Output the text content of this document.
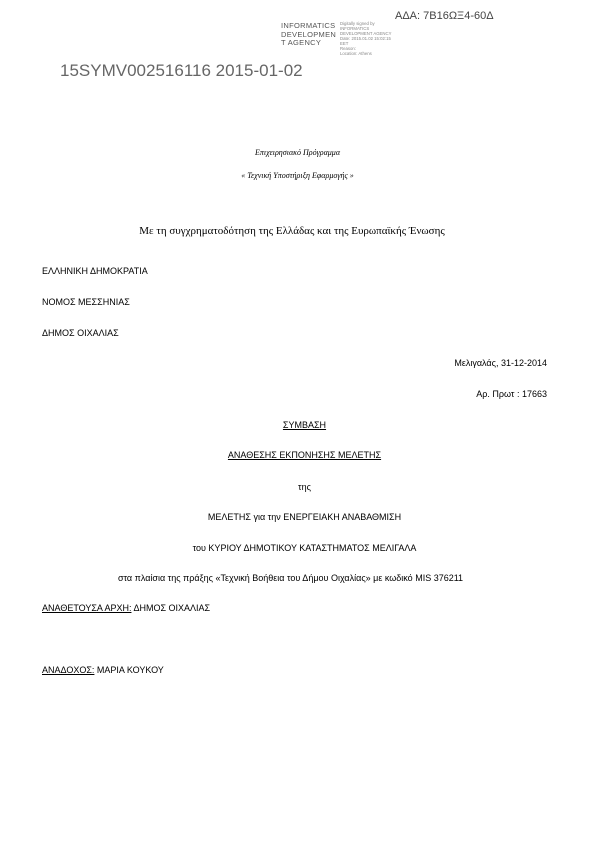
ΑΔΑ: 7Β16ΩΞ4-60Δ
INFORMATICS
DEVELOPMEN
T AGENCY
Digitally signed by
INFORMATICS
DEVELOPMENT AGENCY
Date: 2015.01.02 15:02:15
EET
Reason:
Location: Athens
15SYMV002516116 2015-01-02
Επιχειρησιακό Πρόγραμμα
« Τεχνική Υποστήριξη Εφαρμογής »
Με τη συγχρηματοδότηση της Ελλάδας και της Ευρωπαϊκής Ένωσης
ΕΛΛΗΝΙΚΗ ΔΗΜΟΚΡΑΤΙΑ
ΝΟΜΟΣ ΜΕΣΣΗΝΙΑΣ
ΔΗΜΟΣ ΟΙΧΑΛΙΑΣ
Μελιγαλάς, 31-12-2014
Αρ. Πρωτ : 17663
ΣΥΜΒΑΣΗ
ΑΝΑΘΕΣΗΣ ΕΚΠΟΝΗΣΗΣ ΜΕΛΕΤΗΣ
της
ΜΕΛΕΤΗΣ για την ΕΝΕΡΓΕΙΑΚΗ ΑΝΑΒΑΘΜΙΣΗ
του ΚΥΡΙΟΥ ΔΗΜΟΤΙΚΟΥ ΚΑΤΑΣΤΗΜΑΤΟΣ ΜΕΛΙΓΑΛΑ
στα πλαίσια της πράξης «Τεχνική Βοήθεια του Δήμου Οιχαλίας» με κωδικό MIS 376211
ΑΝΑΘΕΤΟΥΣΑ ΑΡΧΗ: ΔΗΜΟΣ ΟΙΧΑΛΙΑΣ
ΑΝΑΔΟΧΟΣ: ΜΑΡΙΑ ΚΟΥΚΟΥ
